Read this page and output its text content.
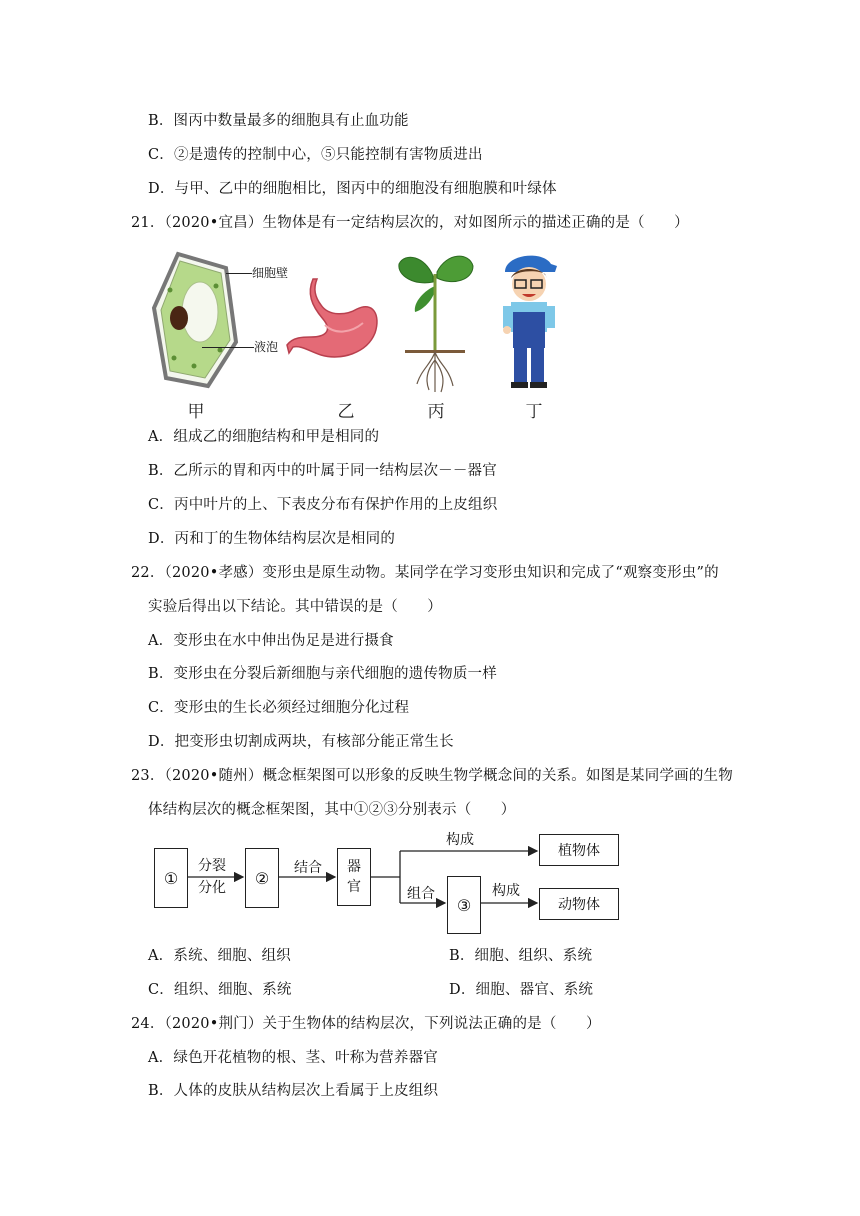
B．图丙中数量最多的细胞具有止血功能
C．②是遗传的控制中心，⑤只能控制有害物质进出
D．与甲、乙中的细胞相比，图丙中的细胞没有细胞膜和叶绿体
21．（2020•宜昌）生物体是有一定结构层次的，对如图所示的描述正确的是（　　）
细胞壁
液泡
甲	乙	丙	丁
A．组成乙的细胞结构和甲是相同的
B．乙所示的胃和丙中的叶属于同一结构层次－－器官
C．丙中叶片的上、下表皮分布有保护作用的上皮组织
D．丙和丁的生物体结构层次是相同的
22．（2020•孝感）变形虫是原生动物。某同学在学习变形虫知识和完成了“观察变形虫”的
实验后得出以下结论。其中错误的是（　　）
A．变形虫在水中伸出伪足是进行摄食
B．变形虫在分裂后新细胞与亲代细胞的遗传物质一样
C．变形虫的生长必须经过细胞分化过程
D．把变形虫切割成两块，有核部分能正常生长
23．（2020•随州）概念框架图可以形象的反映生物学概念间的关系。如图是某同学画的生物
体结构层次的概念框架图，其中①②③分别表示（　　）
①	②
器
官
③
植物体
动物体
分裂
分化
结合
构成
组合	构成
A．系统、细胞、组织	B．细胞、组织、系统
C．组织、细胞、系统	D．细胞、器官、系统
24．（2020•荆门）关于生物体的结构层次，下列说法正确的是（　　）
A．绿色开花植物的根、茎、叶称为营养器官
B．人体的皮肤从结构层次上看属于上皮组织
